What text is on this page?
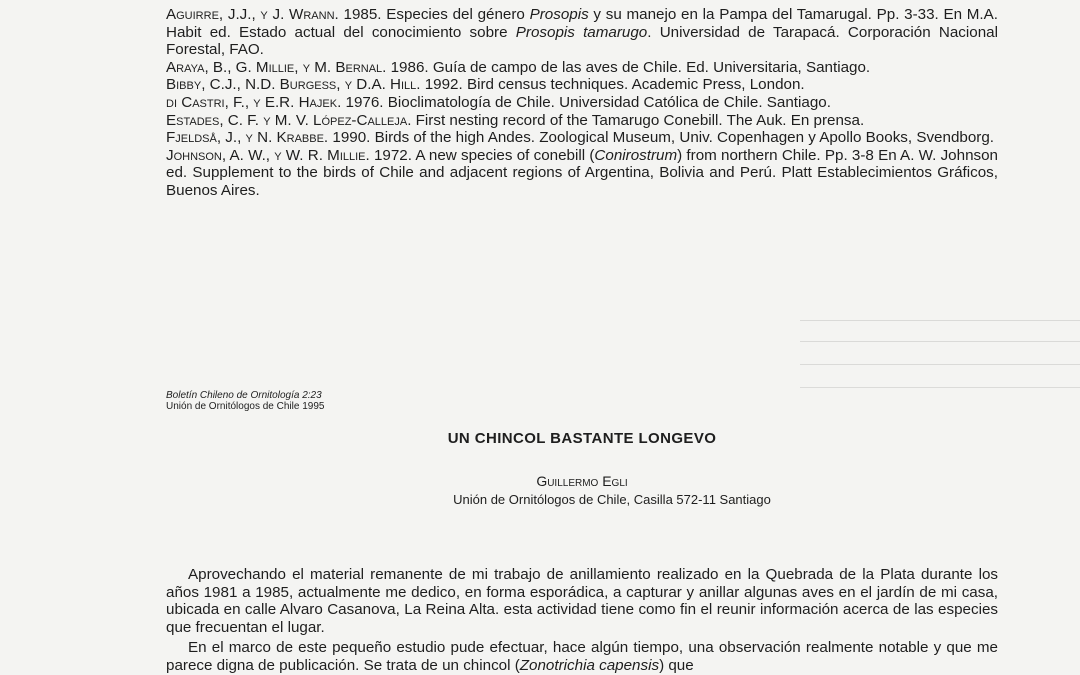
Aguirre, J.J., y J. Wrann. 1985. Especies del género Prosopis y su manejo en la Pampa del Tamarugal. Pp. 3-33. En M.A. Habit ed. Estado actual del conocimiento sobre Prosopis tamarugo. Universidad de Tarapacá. Corporación Nacional Forestal, FAO.

Araya, B., G. Millie, y M. Bernal. 1986. Guía de campo de las aves de Chile. Ed. Universitaria, Santiago.

Bibby, C.J., N.D. Burgess, y D.A. Hill. 1992. Bird census techniques. Academic Press, London.

di Castri, F., y E.R. Hajek. 1976. Bioclimatología de Chile. Universidad Católica de Chile. Santiago.

Estades, C. F. y M. V. López-Calleja. First nesting record of the Tamarugo Conebill. The Auk. En prensa.

Fjeldså, J., y N. Krabbe. 1990. Birds of the high Andes. Zoological Museum, Univ. Copenhagen y Apollo Books, Svendborg.

Johnson, A. W., y W. R. Millie. 1972. A new species of conebill (Conirostrum) from northern Chile. Pp. 3-8 En A. W. Johnson ed. Supplement to the birds of Chile and adjacent regions of Argentina, Bolivia and Perú. Platt Establecimientos Gráficos, Buenos Aires.

Boletín Chileno de Ornitología 2:23
Unión de Ornitólogos de Chile 1995
UN CHINCOL BASTANTE LONGEVO
Guillermo Egli
Unión de Ornitólogos de Chile, Casilla 572-11 Santiago

Aprovechando el material remanente de mi trabajo de anillamiento realizado en la Quebrada de la Plata durante los años 1981 a 1985, actualmente me dedico, en forma esporádica, a capturar y anillar algunas aves en el jardín de mi casa, ubicada en calle Alvaro Casanova, La Reina Alta. esta actividad tiene como fin el reunir información acerca de las especies que frecuentan el lugar.

En el marco de este pequeño estudio pude efectuar, hace algún tiempo, una observación realmente notable y que me parece digna de publicación. Se trata de un chincol (Zonotrichia capensis) que
